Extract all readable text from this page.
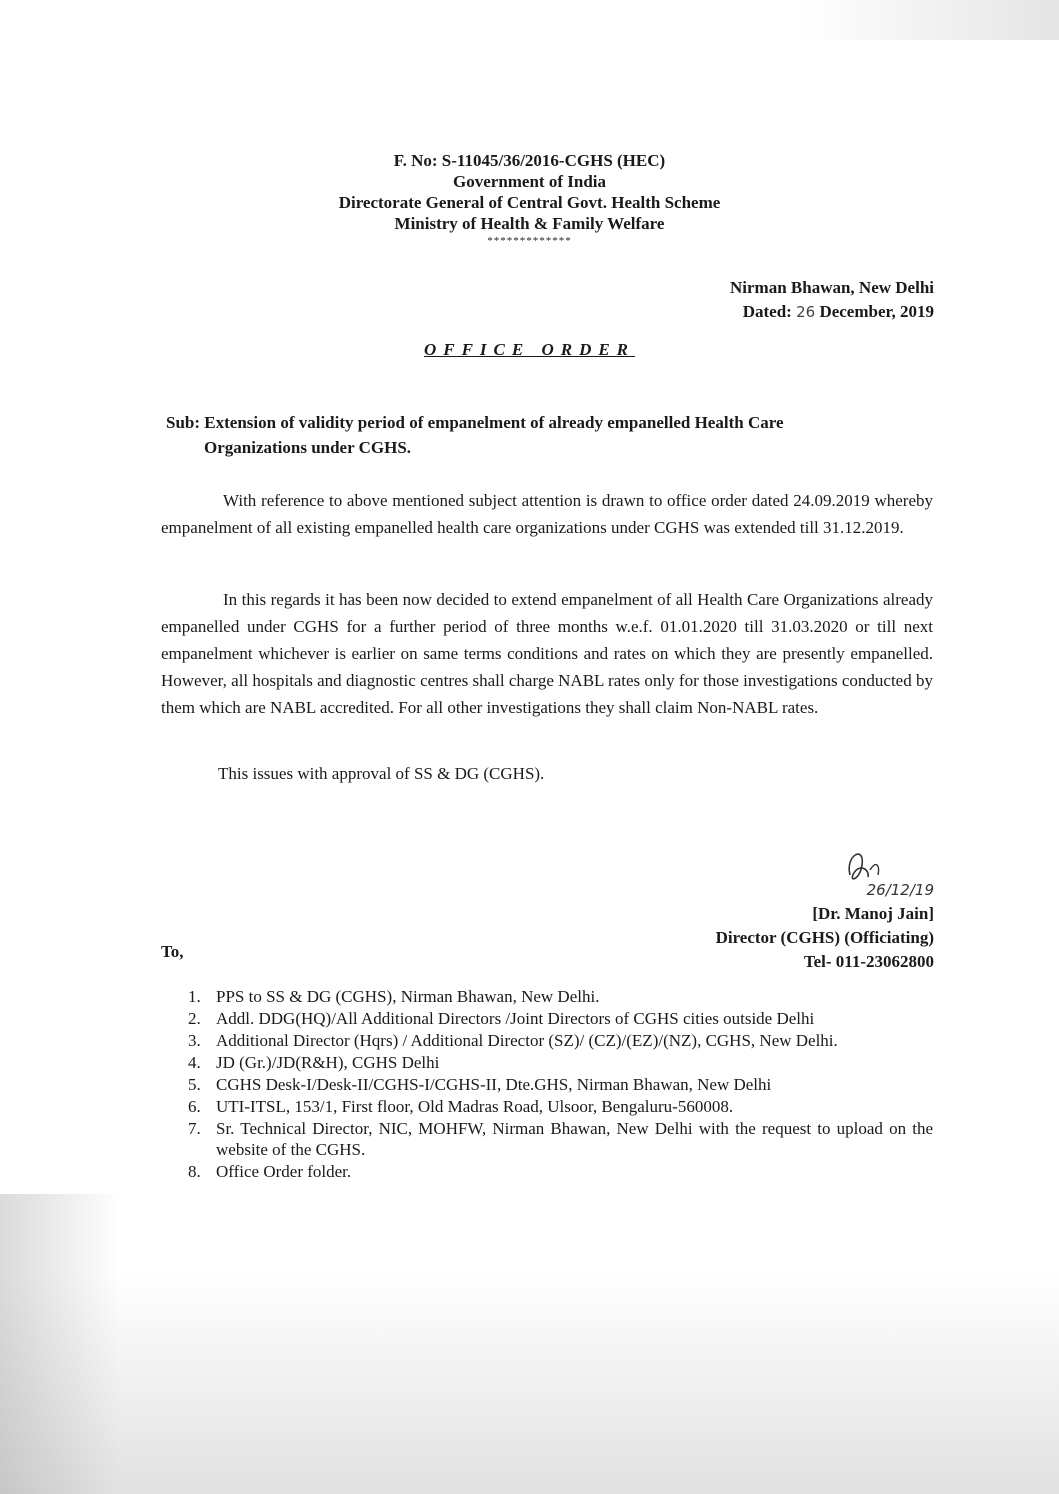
F. No: S-11045/36/2016-CGHS (HEC)
Government of India
Directorate General of Central Govt. Health Scheme
Ministry of Health & Family Welfare
*************
Nirman Bhawan, New Delhi
Dated: 26 December, 2019
OFFICE ORDER
Sub: Extension of validity period of empanelment of already empanelled Health Care
Organizations under CGHS.
With reference to above mentioned subject attention is drawn to office order dated 24.09.2019 whereby empanelment of all existing empanelled health care organizations under CGHS was extended till 31.12.2019.
In this regards it has been now decided to extend empanelment of all Health Care Organizations already empanelled under CGHS for a further period of three months w.e.f. 01.01.2020 till 31.03.2020 or till next empanelment whichever is earlier on same terms conditions and rates on which they are presently empanelled. However, all hospitals and diagnostic centres shall charge NABL rates only for those investigations conducted by them which are NABL accredited. For all other investigations they shall claim Non-NABL rates.
This issues with approval of SS & DG (CGHS).
26/12/19
[Dr. Manoj Jain]
Director (CGHS) (Officiating)
Tel- 011-23062800
To,
1. PPS to SS & DG (CGHS), Nirman Bhawan, New Delhi.
2. Addl. DDG(HQ)/All Additional Directors /Joint Directors of CGHS cities outside Delhi
3. Additional Director (Hqrs) / Additional Director (SZ)/ (CZ)/(EZ)/(NZ), CGHS, New Delhi.
4. JD (Gr.)/JD(R&H), CGHS Delhi
5. CGHS Desk-I/Desk-II/CGHS-I/CGHS-II, Dte.GHS, Nirman Bhawan, New Delhi
6. UTI-ITSL, 153/1, First floor, Old Madras Road, Ulsoor, Bengaluru-560008.
7. Sr. Technical Director, NIC, MOHFW, Nirman Bhawan, New Delhi with the request to upload on the website of the CGHS.
8. Office Order folder.
